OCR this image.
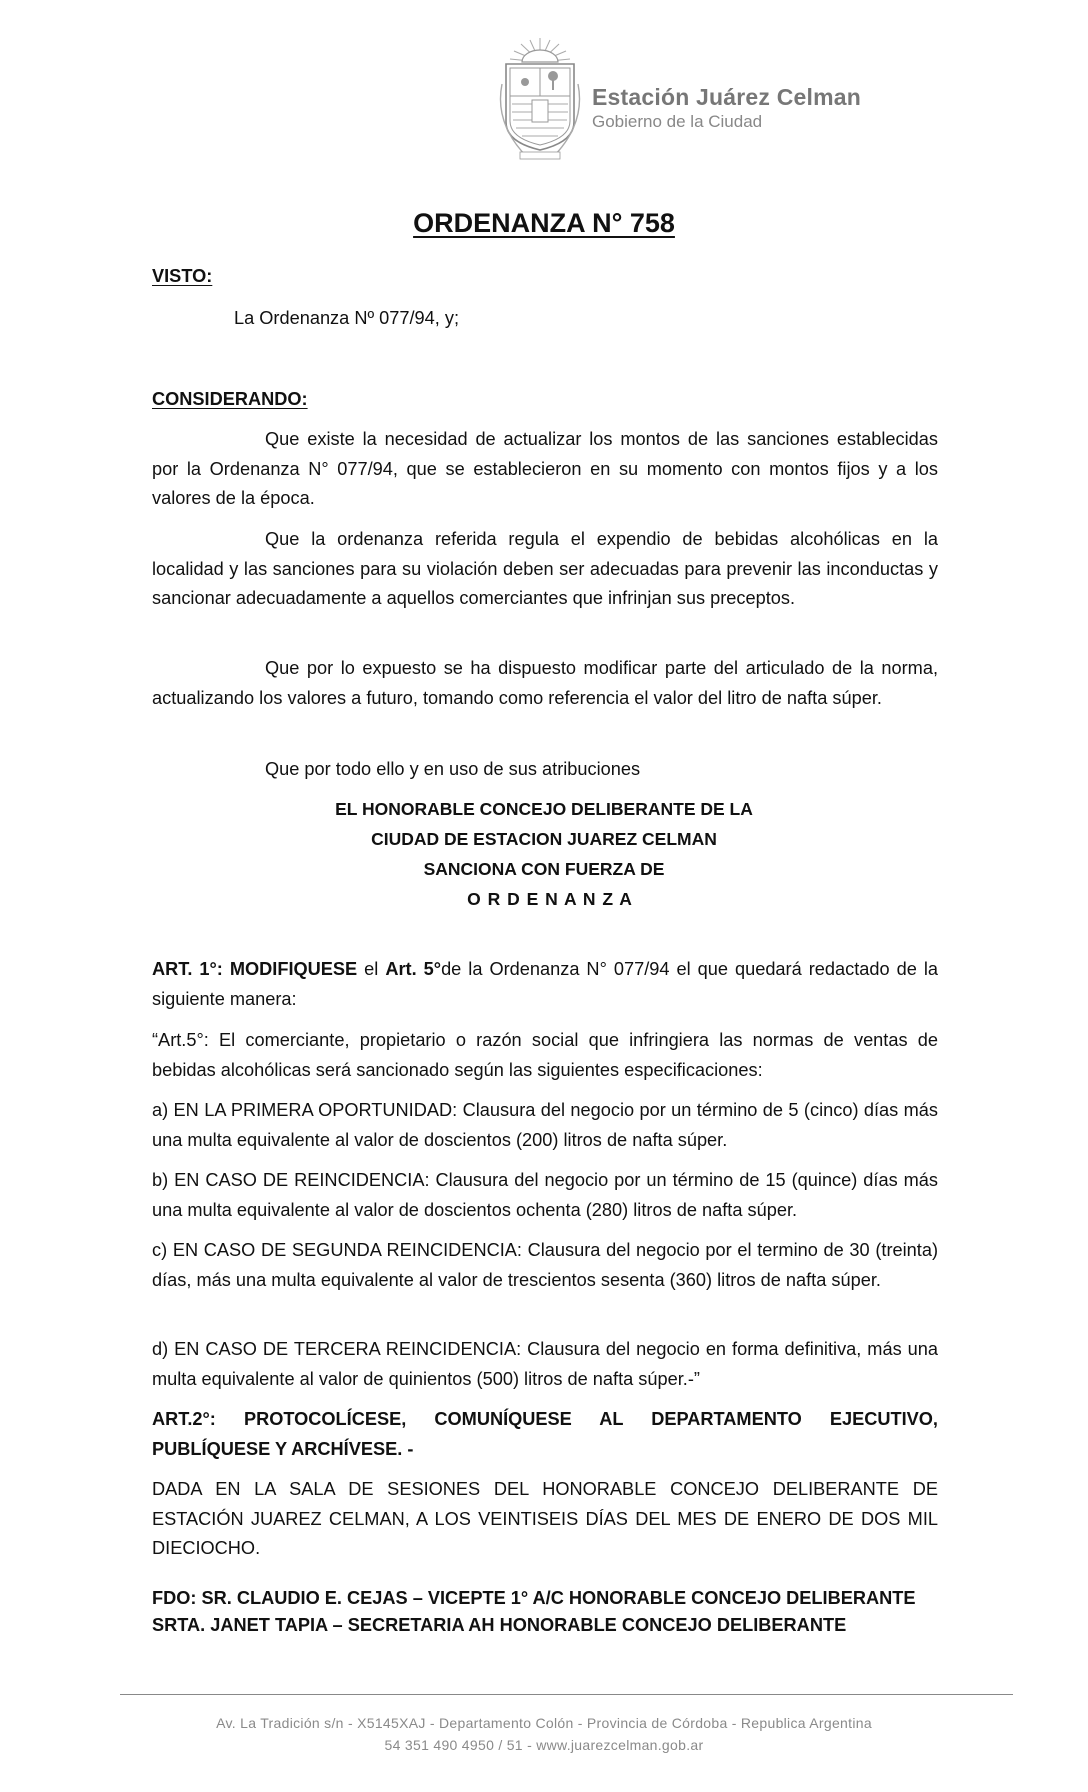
Estación Juárez Celman
Gobierno de la Ciudad
ORDENANZA N° 758
VISTO:
La Ordenanza Nº 077/94, y;
CONSIDERANDO:
Que existe la necesidad de actualizar los montos de las sanciones establecidas por la Ordenanza N° 077/94, que se establecieron en su momento con montos fijos y a los valores de la época.
Que la ordenanza referida regula el expendio de bebidas alcohólicas en la localidad y las sanciones para su violación deben ser adecuadas para prevenir las inconductas y sancionar adecuadamente a aquellos comerciantes que infrinjan sus preceptos.
Que por lo expuesto se ha dispuesto modificar parte del articulado de la norma, actualizando los valores a futuro, tomando como referencia el valor del litro de nafta súper.
Que por todo ello y en uso de sus atribuciones
EL HONORABLE CONCEJO DELIBERANTE DE LA
CIUDAD DE ESTACION JUAREZ CELMAN
SANCIONA CON FUERZA DE
O R D E N A N Z A
ART. 1°: MODIFIQUESE el Art. 5°de la Ordenanza N° 077/94 el que quedará redactado de la siguiente manera:
“Art.5°: El comerciante, propietario o razón social que infringiera las normas de ventas de bebidas alcohólicas será sancionado según las siguientes especificaciones:
a) EN LA PRIMERA OPORTUNIDAD: Clausura del negocio por un término de 5 (cinco) días más una multa equivalente al valor de doscientos (200) litros de nafta súper.
b) EN CASO DE REINCIDENCIA: Clausura del negocio por un término de 15 (quince) días más una multa equivalente al valor de doscientos ochenta (280) litros de nafta súper.
c) EN CASO DE SEGUNDA REINCIDENCIA: Clausura del negocio por el termino de 30 (treinta) días, más una multa equivalente al valor de trescientos sesenta (360) litros de nafta súper.
d) EN CASO DE TERCERA REINCIDENCIA: Clausura del negocio en forma definitiva, más una multa equivalente al valor de quinientos (500) litros de nafta súper.-”
ART.2°: PROTOCOLÍCESE, COMUNÍQUESE AL DEPARTAMENTO EJECUTIVO, PUBLÍQUESE Y ARCHÍVESE. -
DADA EN LA SALA DE SESIONES DEL HONORABLE CONCEJO DELIBERANTE DE ESTACIÓN JUAREZ CELMAN, A LOS VEINTISEIS DÍAS DEL MES DE ENERO DE DOS MIL DIECIOCHO.
FDO: SR. CLAUDIO E. CEJAS – VICEPTE 1° A/C HONORABLE CONCEJO DELIBERANTE
SRTA. JANET TAPIA – SECRETARIA AH HONORABLE CONCEJO DELIBERANTE
Av. La Tradición s/n - X5145XAJ - Departamento Colón - Provincia de Córdoba - Republica Argentina
54 351 490 4950 / 51 - www.juarezcelman.gob.ar
